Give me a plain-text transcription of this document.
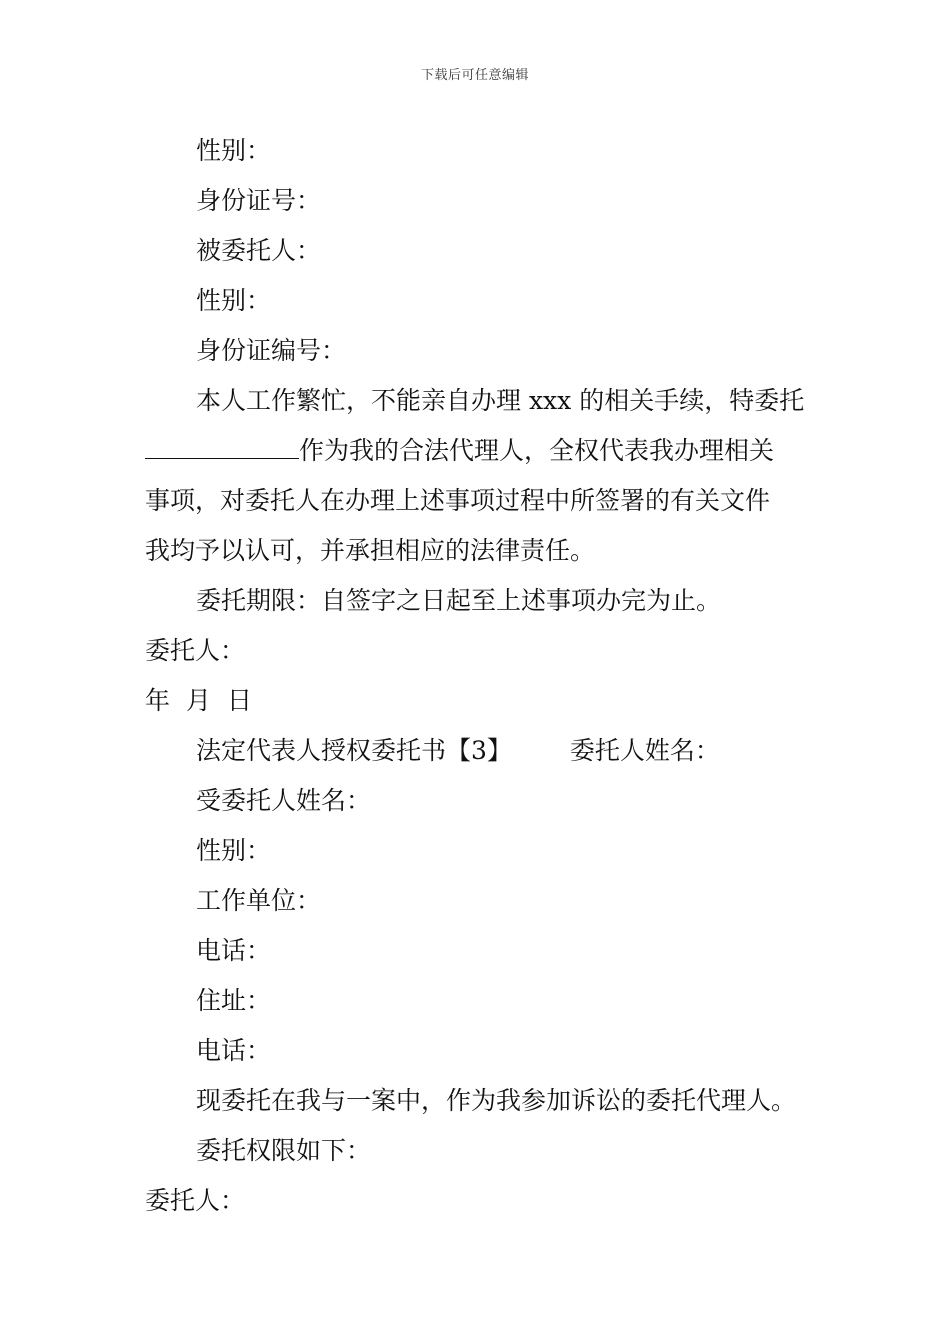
下载后可任意编辑
性别：
身份证号：
被委托人：
性别：
身份证编号：
本人工作繁忙，不能亲自办理 xxx 的相关手续，特委托
作为我的合法代理人，全权代表我办理相关
事项，对委托人在办理上述事项过程中所签署的有关文件
我均予以认可，并承担相应的法律责任。
委托期限：自签字之日起至上述事项办完为止。
委托人：
年 月 日
法定代表人授权委托书【3】 委托人姓名：
受委托人姓名：
性别：
工作单位：
电话：
住址：
电话：
现委托在我与一案中，作为我参加诉讼的委托代理人。
委托权限如下：
委托人：
